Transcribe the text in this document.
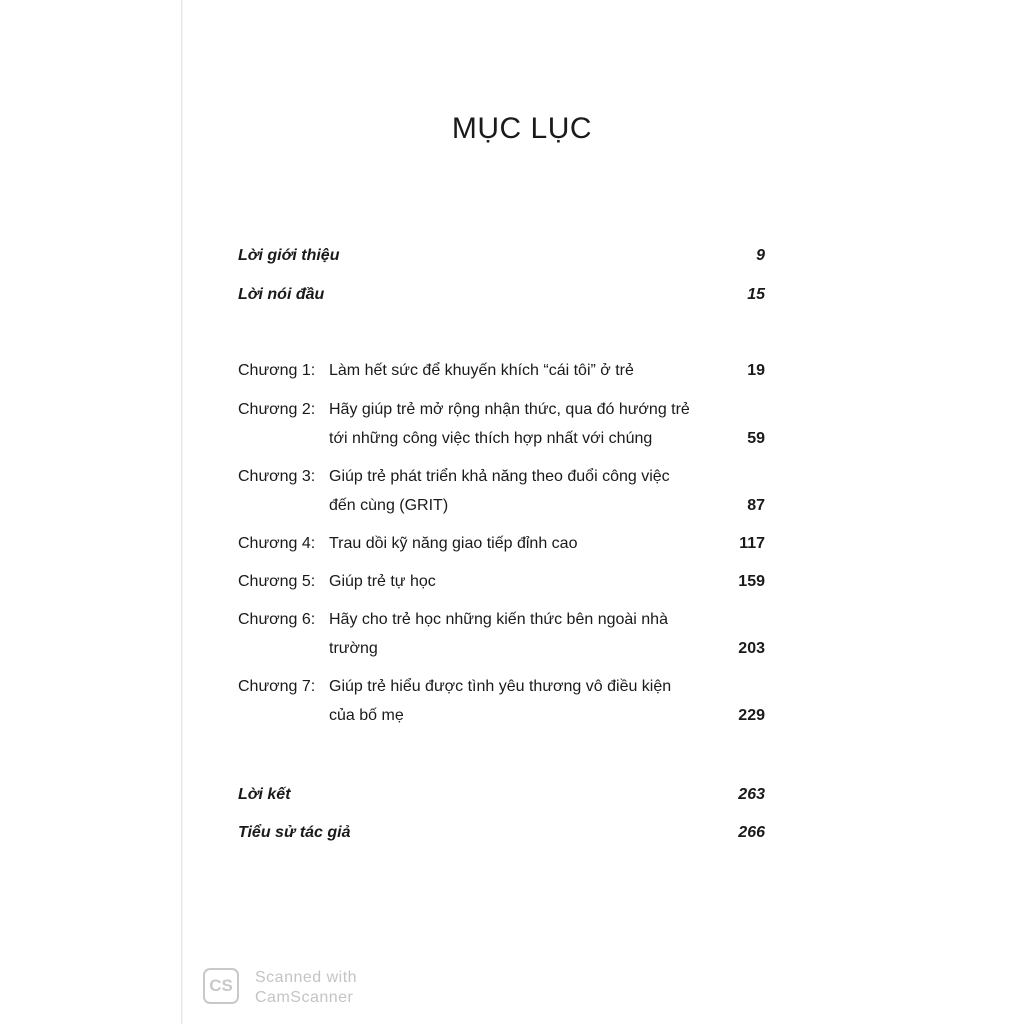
MỤC LỤC
Lời giới thiệu	9
Lời nói đầu	15
Chương 1: Làm hết sức để khuyến khích “cái tôi” ở trẻ	19
Chương 2: Hãy giúp trẻ mở rộng nhận thức, qua đó hướng trẻ tới những công việc thích hợp nhất với chúng	59
Chương 3: Giúp trẻ phát triển khả năng theo đuổi công việc đến cùng (GRIT)	87
Chương 4: Trau dồi kỹ năng giao tiếp đỉnh cao	117
Chương 5: Giúp trẻ tự học	159
Chương 6: Hãy cho trẻ học những kiến thức bên ngoài nhà trường	203
Chương 7: Giúp trẻ hiểu được tình yêu thương vô điều kiện của bố mẹ	229
Lời kết	263
Tiểu sử tác giả	266
CS	Scanned with
CamScanner
